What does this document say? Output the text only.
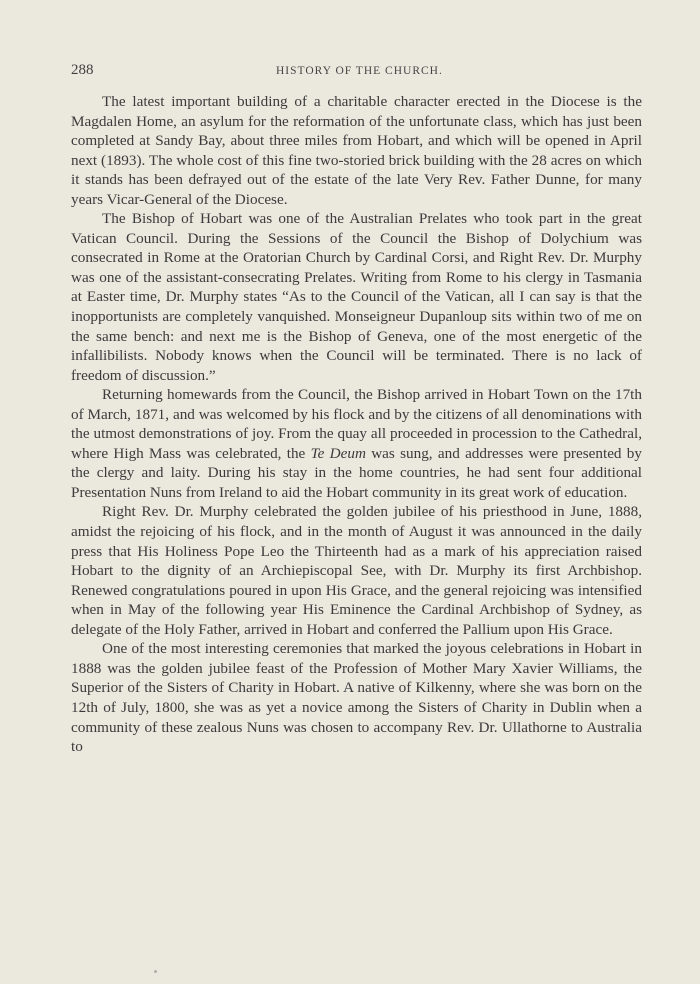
288	HISTORY OF THE CHURCH.

The latest important building of a charitable character erected in the Diocese is the Magdalen Home, an asylum for the reformation of the unfortunate class, which has just been completed at Sandy Bay, about three miles from Hobart, and which will be opened in April next (1893). The whole cost of this fine two-storied brick building with the 28 acres on which it stands has been defrayed out of the estate of the late Very Rev. Father Dunne, for many years Vicar-General of the Diocese.

The Bishop of Hobart was one of the Australian Prelates who took part in the great Vatican Council. During the Sessions of the Council the Bishop of Dolychium was consecrated in Rome at the Oratorian Church by Cardinal Corsi, and Right Rev. Dr. Murphy was one of the assistant-consecrating Prelates. Writing from Rome to his clergy in Tasmania at Easter time, Dr. Murphy states “As to the Council of the Vatican, all I can say is that the inopportunists are completely vanquished. Monseigneur Dupanloup sits within two of me on the same bench: and next me is the Bishop of Geneva, one of the most energetic of the infallibilists. Nobody knows when the Council will be terminated. There is no lack of freedom of discussion.”

Returning homewards from the Council, the Bishop arrived in Hobart Town on the 17th of March, 1871, and was welcomed by his flock and by the citizens of all denominations with the utmost demonstrations of joy. From the quay all proceeded in procession to the Cathedral, where High Mass was celebrated, the Te Deum was sung, and addresses were presented by the clergy and laity. During his stay in the home countries, he had sent four additional Presentation Nuns from Ireland to aid the Hobart community in its great work of education.

Right Rev. Dr. Murphy celebrated the golden jubilee of his priesthood in June, 1888, amidst the rejoicing of his flock, and in the month of August it was announced in the daily press that His Holiness Pope Leo the Thirteenth had as a mark of his appreciation raised Hobart to the dignity of an Archiepiscopal See, with Dr. Murphy its first Archbishop. Renewed congratulations poured in upon His Grace, and the general rejoicing was intensified when in May of the following year His Eminence the Cardinal Archbishop of Sydney, as delegate of the Holy Father, arrived in Hobart and conferred the Pallium upon His Grace.

One of the most interesting ceremonies that marked the joyous celebrations in Hobart in 1888 was the golden jubilee feast of the Profession of Mother Mary Xavier Williams, the Superior of the Sisters of Charity in Hobart. A native of Kilkenny, where she was born on the 12th of July, 1800, she was as yet a novice among the Sisters of Charity in Dublin when a community of these zealous Nuns was chosen to accompany Rev. Dr. Ullathorne to Australia to
